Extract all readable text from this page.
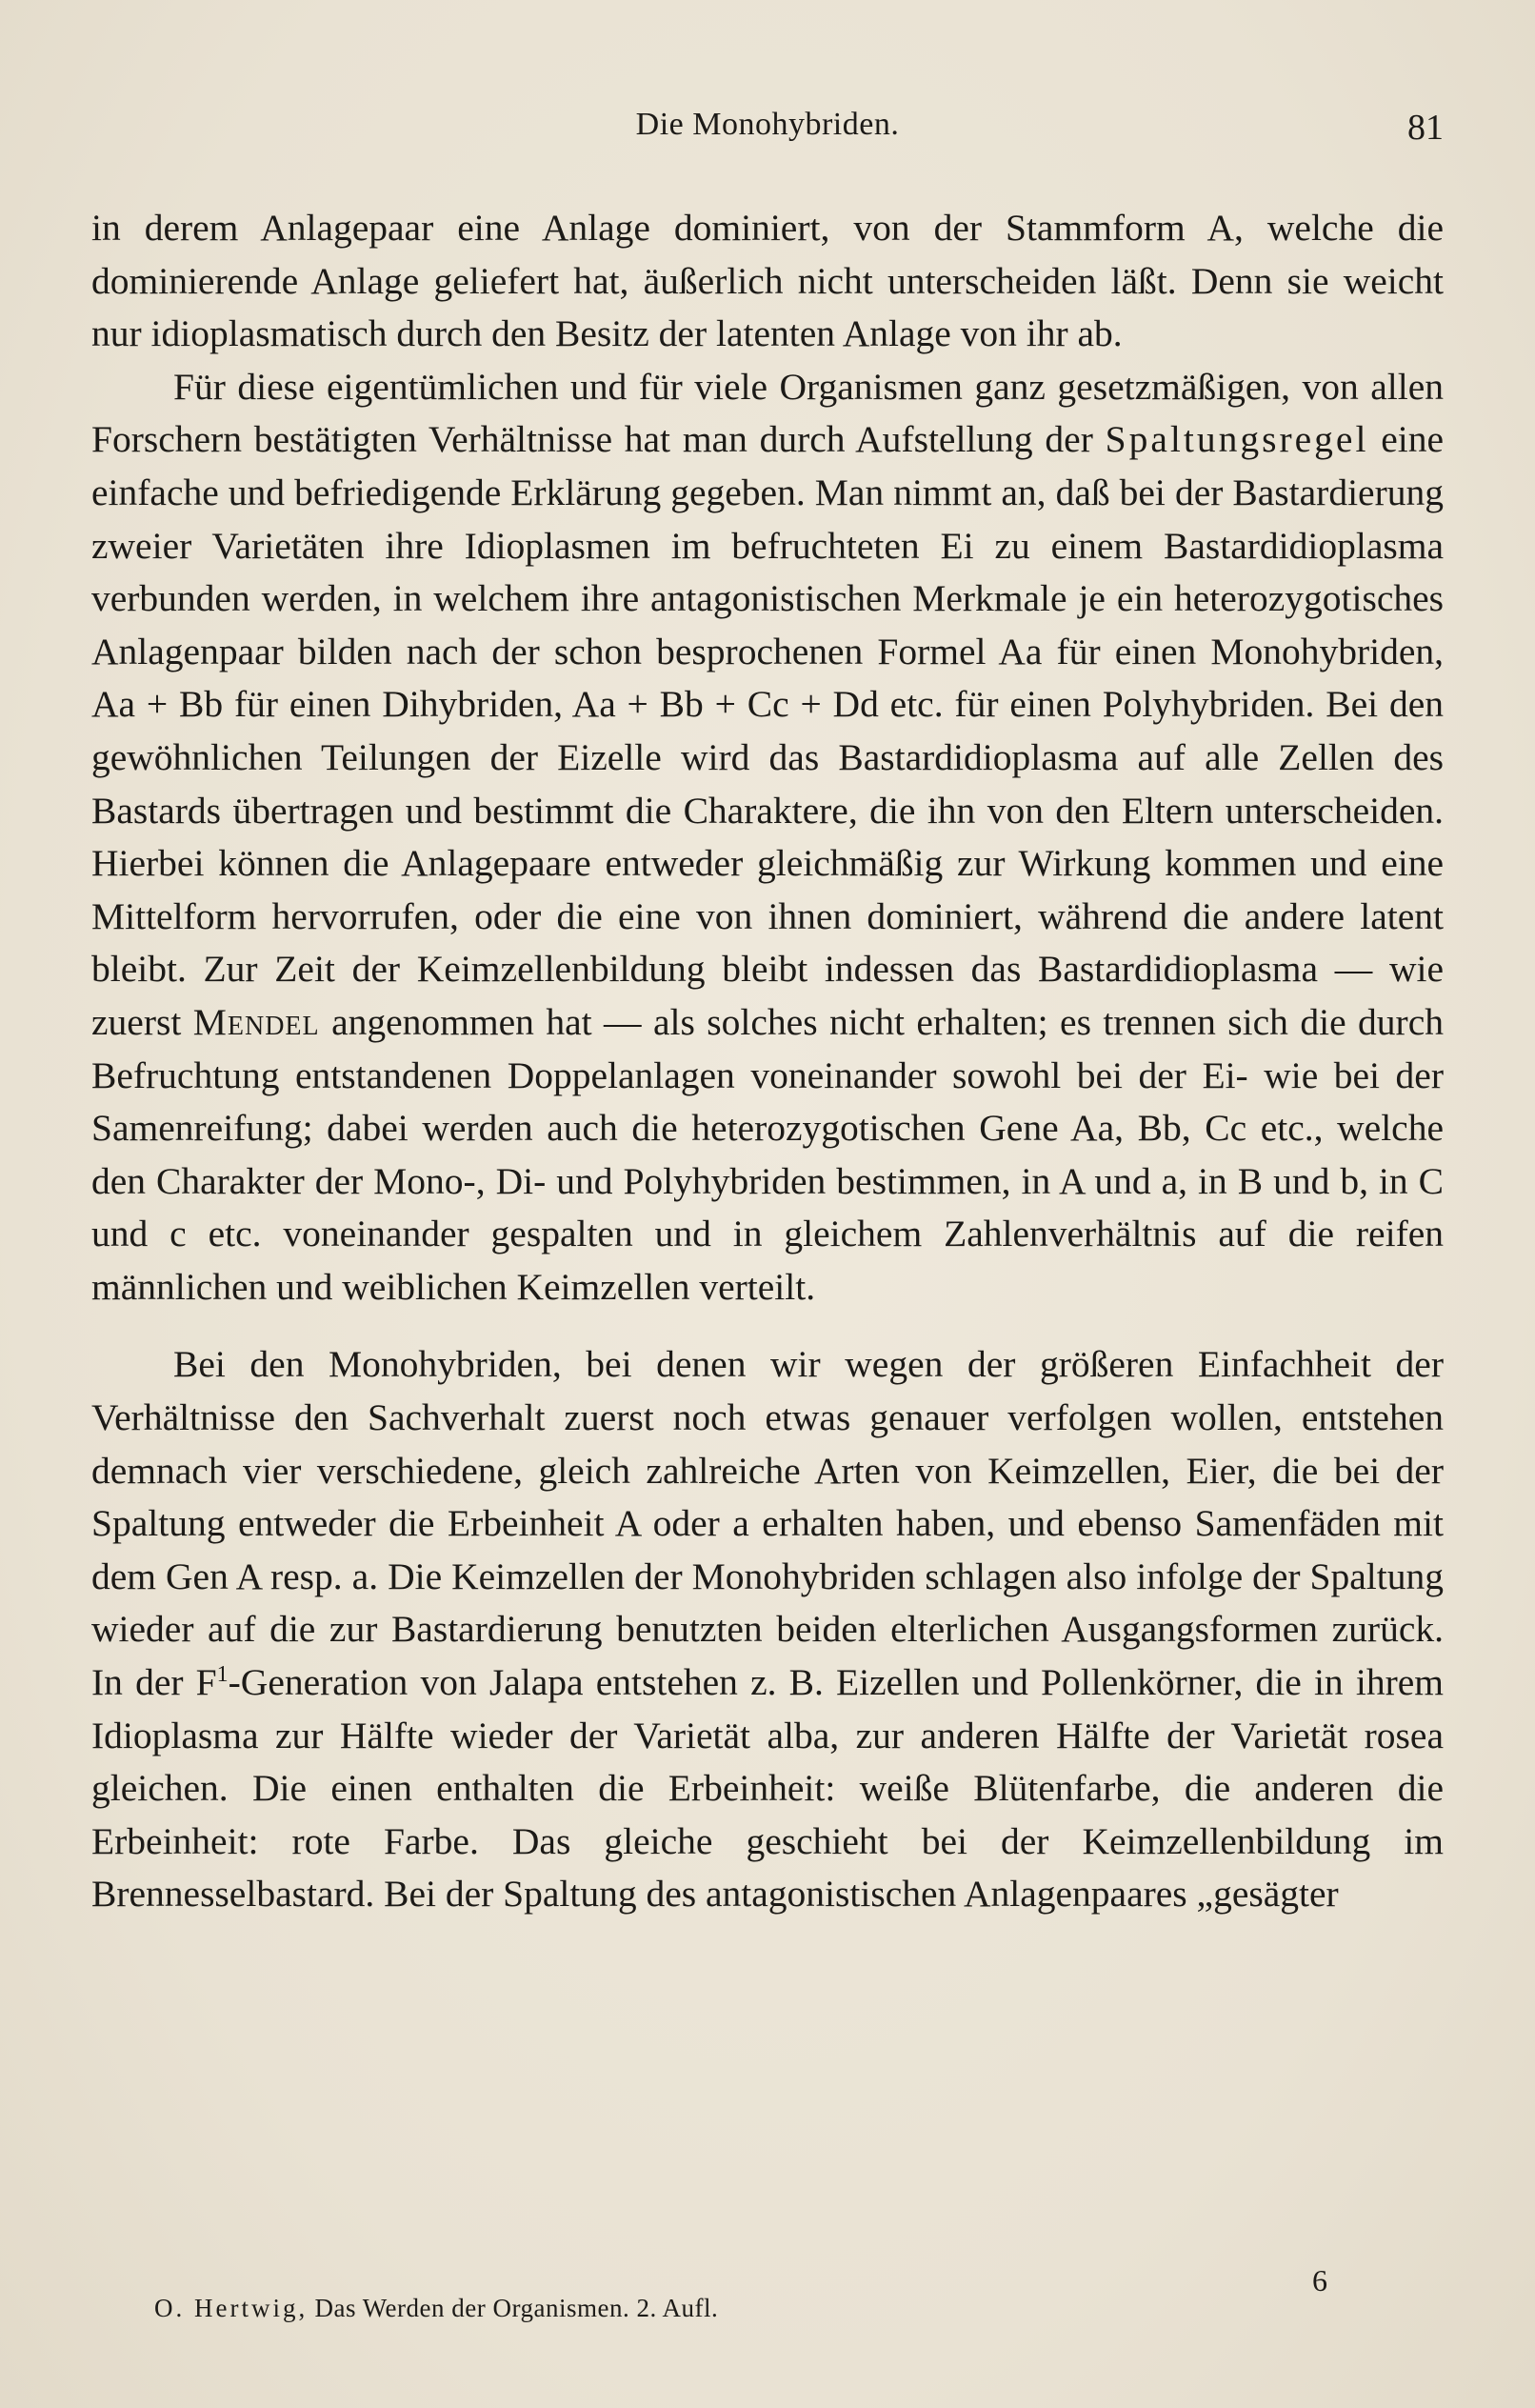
Die Monohybriden.	81

in derem Anlagepaar eine Anlage dominiert, von der Stammform A, welche die dominierende Anlage geliefert hat, äußerlich nicht unterscheiden läßt. Denn sie weicht nur idioplasmatisch durch den Besitz der latenten Anlage von ihr ab.

Für diese eigentümlichen und für viele Organismen ganz gesetzmäßigen, von allen Forschern bestätigten Verhältnisse hat man durch Aufstellung der Spaltungsregel eine einfache und befriedigende Erklärung gegeben. Man nimmt an, daß bei der Bastardierung zweier Varietäten ihre Idioplasmen im befruchteten Ei zu einem Bastardidioplasma verbunden werden, in welchem ihre antagonistischen Merkmale je ein heterozygotisches Anlagenpaar bilden nach der schon besprochenen Formel Aa für einen Monohybriden, Aa + Bb für einen Dihybriden, Aa + Bb + Cc + Dd etc. für einen Polyhybriden. Bei den gewöhnlichen Teilungen der Eizelle wird das Bastardidioplasma auf alle Zellen des Bastards übertragen und bestimmt die Charaktere, die ihn von den Eltern unterscheiden. Hierbei können die Anlagepaare entweder gleichmäßig zur Wirkung kommen und eine Mittelform hervorrufen, oder die eine von ihnen dominiert, während die andere latent bleibt. Zur Zeit der Keimzellenbildung bleibt indessen das Bastardidioplasma — wie zuerst Mendel angenommen hat — als solches nicht erhalten; es trennen sich die durch Befruchtung entstandenen Doppelanlagen voneinander sowohl bei der Ei- wie bei der Samenreifung; dabei werden auch die heterozygotischen Gene Aa, Bb, Cc etc., welche den Charakter der Mono-, Di- und Polyhybriden bestimmen, in A und a, in B und b, in C und c etc. voneinander gespalten und in gleichem Zahlenverhältnis auf die reifen männlichen und weiblichen Keimzellen verteilt.

Bei den Monohybriden, bei denen wir wegen der größeren Einfachheit der Verhältnisse den Sachverhalt zuerst noch etwas genauer verfolgen wollen, entstehen demnach vier verschiedene, gleich zahlreiche Arten von Keimzellen, Eier, die bei der Spaltung entweder die Erbeinheit A oder a erhalten haben, und ebenso Samenfäden mit dem Gen A resp. a. Die Keimzellen der Monohybriden schlagen also infolge der Spaltung wieder auf die zur Bastardierung benutzten beiden elterlichen Ausgangsformen zurück. In der $F^1$-Generation von Jalapa entstehen z. B. Eizellen und Pollenkörner, die in ihrem Idioplasma zur Hälfte wieder der Varietät alba, zur anderen Hälfte der Varietät rosea gleichen. Die einen enthalten die Erbeinheit: weiße Blütenfarbe, die anderen die Erbeinheit: rote Farbe. Das gleiche geschieht bei der Keimzellenbildung im Brennesselbastard. Bei der Spaltung des antagonistischen Anlagenpaares „gesägter

6
O. Hertwig, Das Werden der Organismen. 2. Aufl.
